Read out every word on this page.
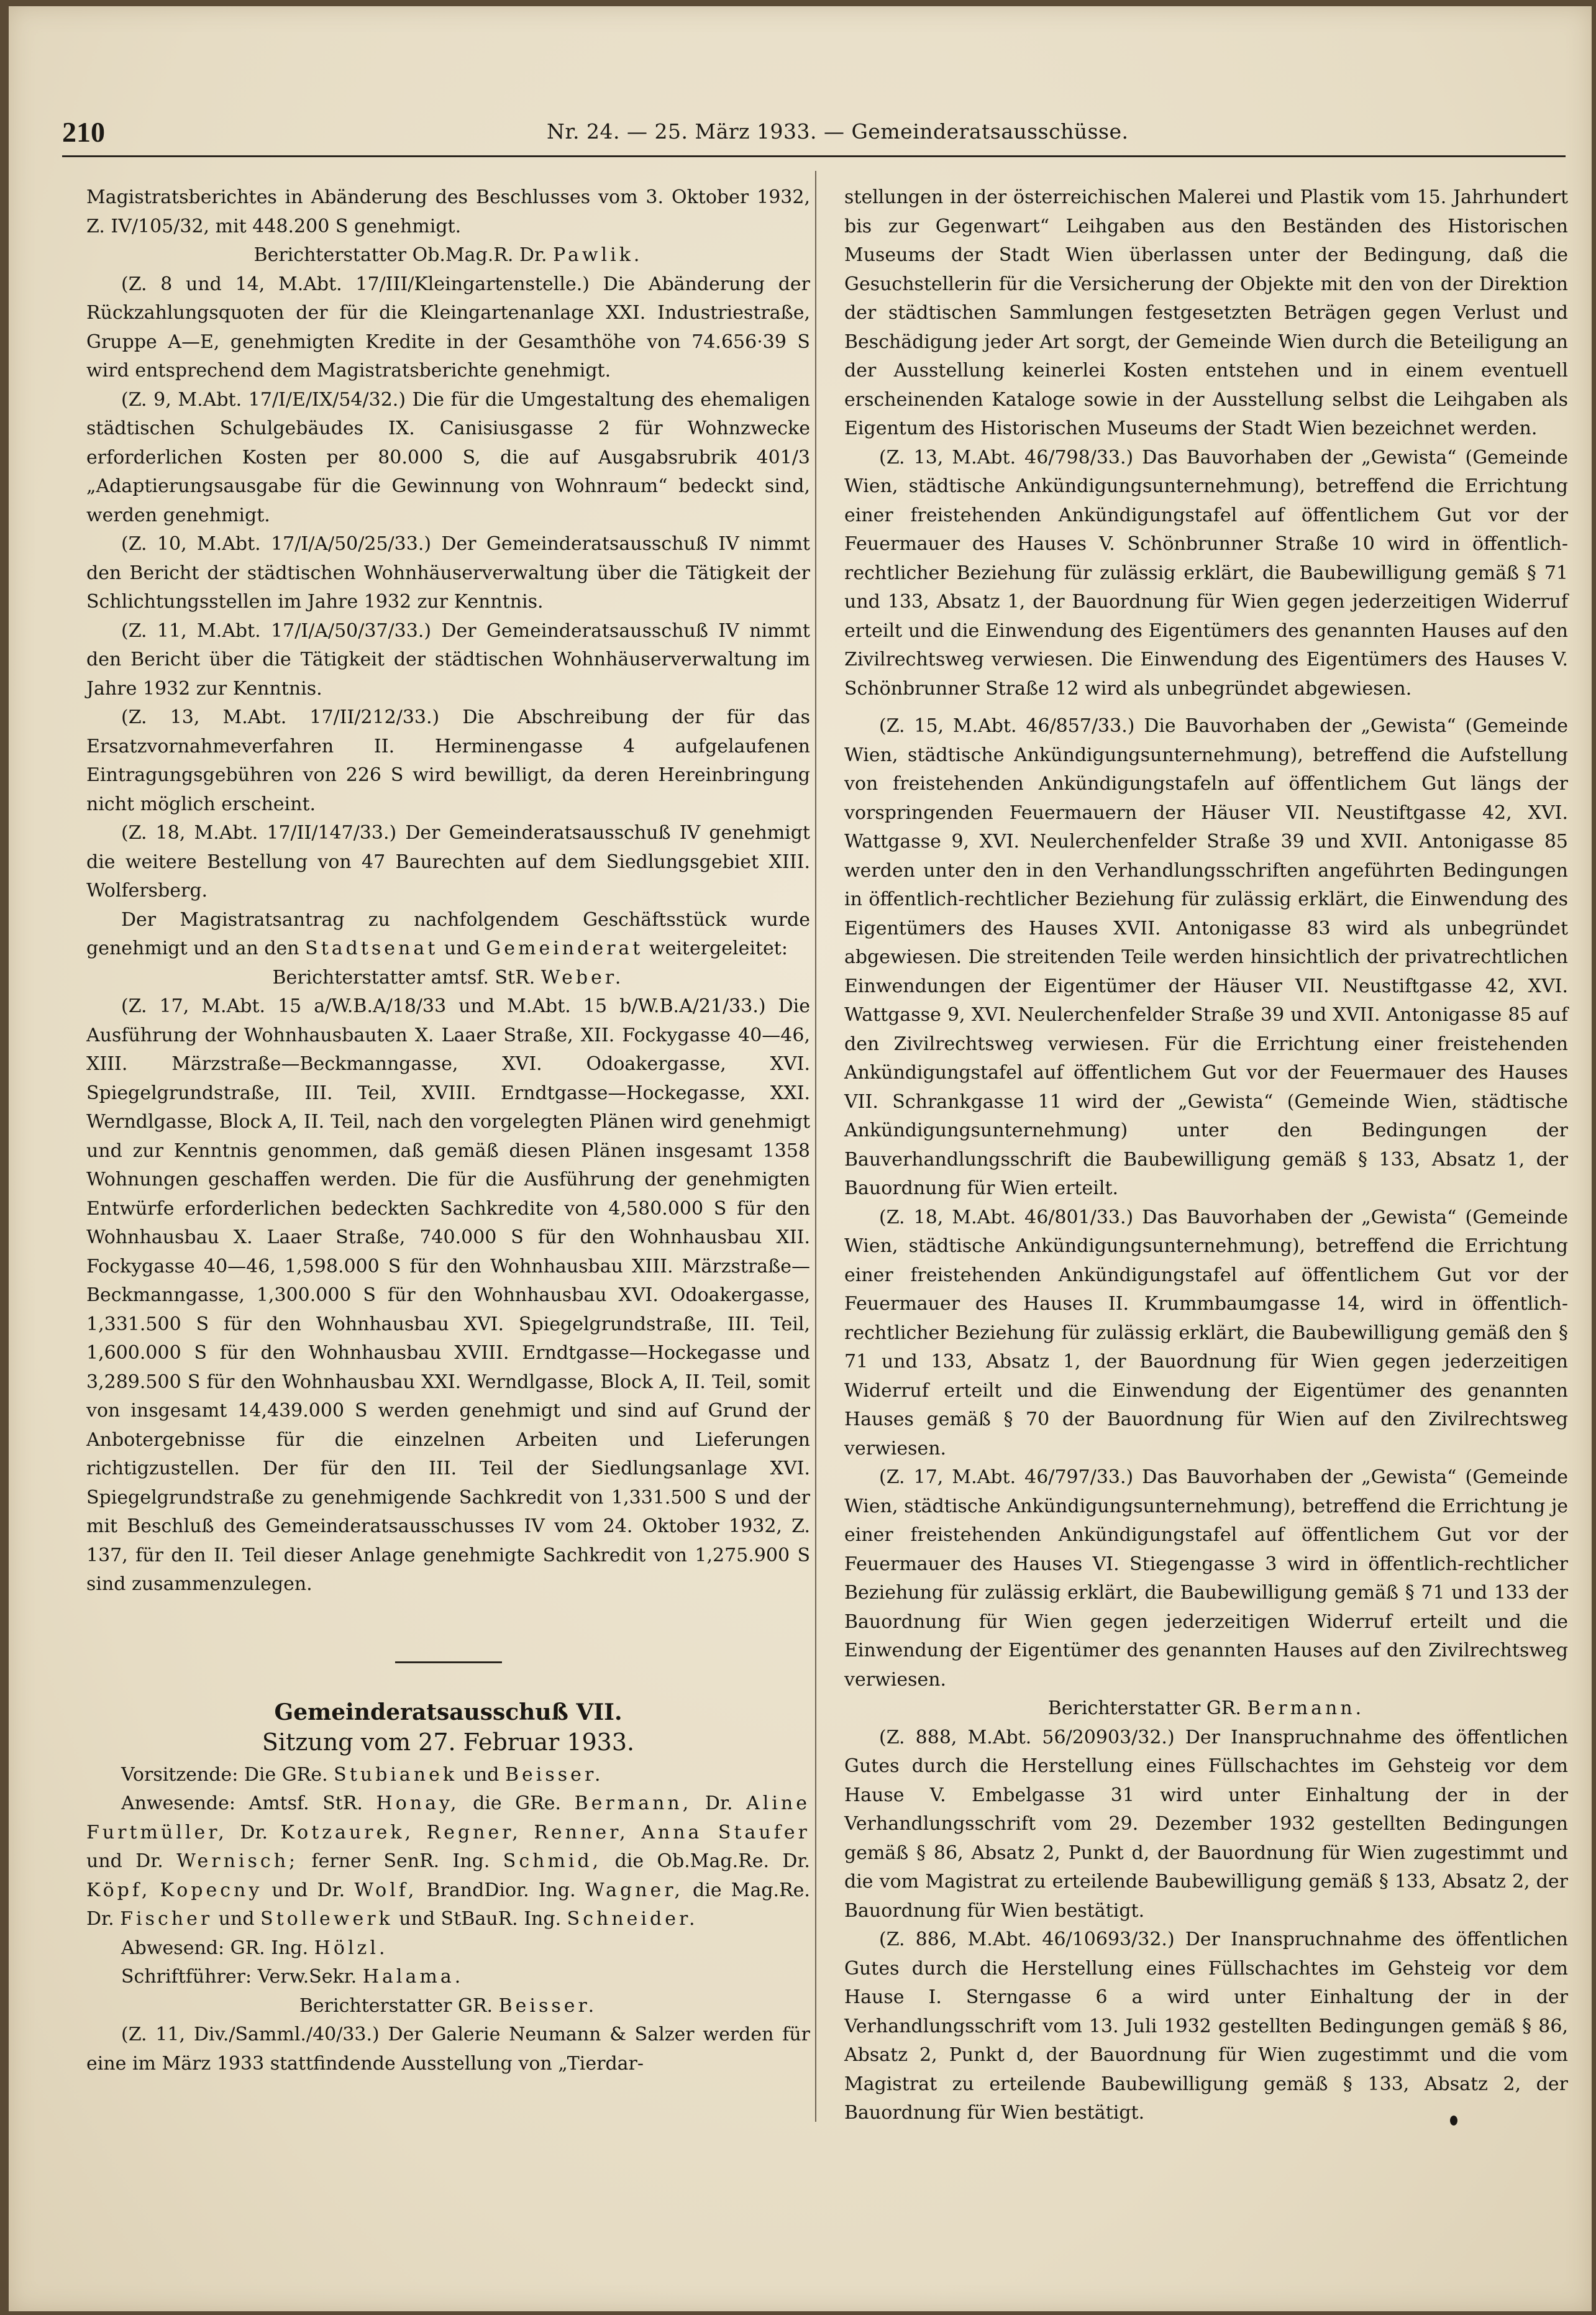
210	Nr. 24. — 25. März 1933. — Gemeinderatsausschüsse.

Magistratsberichtes in Abänderung des Beschlusses vom 3. Oktober 1932, Z. IV/105/32, mit 448.200 S genehmigt.

Berichterstatter Ob.Mag.R. Dr. Pawlik.

(Z. 8 und 14, M.Abt. 17/III/Kleingartenstelle.) Die Abänderung der Rückzahlungsquoten der für die Kleingartenanlage XXI. Industriestraße, Gruppe A—E, genehmigten Kredite in der Gesamthöhe von 74.656·39 S wird entsprechend dem Magistratsberichte genehmigt.

(Z. 9, M.Abt. 17/I/E/IX/54/32.) Die für die Umgestaltung des ehemaligen städtischen Schulgebäudes IX. Canisiusgasse 2 für Wohnzwecke erforderlichen Kosten per 80.000 S, die auf Ausgabsrubrik 401/3 „Adaptierungsausgabe für die Gewinnung von Wohnraum“ bedeckt sind, werden genehmigt.

(Z. 10, M.Abt. 17/I/A/50/25/33.) Der Gemeinderatsausschuß IV nimmt den Bericht der städtischen Wohnhäuserverwaltung über die Tätigkeit der Schlichtungsstellen im Jahre 1932 zur Kenntnis.

(Z. 11, M.Abt. 17/I/A/50/37/33.) Der Gemeinderatsausschuß IV nimmt den Bericht über die Tätigkeit der städtischen Wohnhäuserverwaltung im Jahre 1932 zur Kenntnis.

(Z. 13, M.Abt. 17/II/212/33.) Die Abschreibung der für das Ersatzvornahmeverfahren II. Herminengasse 4 aufgelaufenen Eintragungsgebühren von 226 S wird bewilligt, da deren Hereinbringung nicht möglich erscheint.

(Z. 18, M.Abt. 17/II/147/33.) Der Gemeinderatsausschuß IV genehmigt die weitere Bestellung von 47 Baurechten auf dem Siedlungsgebiet XIII. Wolfersberg.

Der Magistratsantrag zu nachfolgendem Geschäftsstück wurde genehmigt und an den Stadtsenat und Gemeinderat weitergeleitet:

Berichterstatter amtsf. StR. Weber.

(Z. 17, M.Abt. 15 a/W.B.A/18/33 und M.Abt. 15 b/W.B.A/21/33.) Die Ausführung der Wohnhausbauten X. Laaer Straße, XII. Fockygasse 40—46, XIII. Märzstraße—Beckmanngasse, XVI. Odoakergasse, XVI. Spiegelgrundstraße, III. Teil, XVIII. Erndtgasse—Hockegasse, XXI. Werndlgasse, Block A, II. Teil, nach den vorgelegten Plänen wird genehmigt und zur Kenntnis genommen, daß gemäß diesen Plänen insgesamt 1358 Wohnungen geschaffen werden. Die für die Ausführung der genehmigten Entwürfe erforderlichen bedeckten Sachkredite von 4,580.000 S für den Wohnhausbau X. Laaer Straße, 740.000 S für den Wohnhausbau XII. Fockygasse 40—46, 1,598.000 S für den Wohnhausbau XIII. Märzstraße—Beckmanngasse, 1,300.000 S für den Wohnhausbau XVI. Odoakergasse, 1,331.500 S für den Wohnhausbau XVI. Spiegelgrundstraße, III. Teil, 1,600.000 S für den Wohnhausbau XVIII. Erndtgasse—Hockegasse und 3,289.500 S für den Wohnhausbau XXI. Werndlgasse, Block A, II. Teil, somit von insgesamt 14,439.000 S werden genehmigt und sind auf Grund der Anbotergebnisse für die einzelnen Arbeiten und Lieferungen richtigzustellen. Der für den III. Teil der Siedlungsanlage XVI. Spiegelgrundstraße zu genehmigende Sachkredit von 1,331.500 S und der mit Beschluß des Gemeinderatsausschusses IV vom 24. Oktober 1932, Z. 137, für den II. Teil dieser Anlage genehmigte Sachkredit von 1,275.900 S sind zusammenzulegen.

Gemeinderatsausschuß VII.

Sitzung vom 27. Februar 1933.

Vorsitzende: Die GRe. Stubianek und Beisser.

Anwesende: Amtsf. StR. Honay, die GRe. Bermann, Dr. Aline Furtmüller, Dr. Kotzaurek, Regner, Renner, Anna Staufer und Dr. Wernisch; ferner SenR. Ing. Schmid, die Ob.Mag.Re. Dr. Köpf, Kopecny und Dr. Wolf, BrandDior. Ing. Wagner, die Mag.Re. Dr. Fischer und Stollewerk und StBauR. Ing. Schneider.

Abwesend: GR. Ing. Hölzl.

Schriftführer: Verw.Sekr. Halama.

Berichterstatter GR. Beisser.

(Z. 11, Div./Samml./40/33.) Der Galerie Neumann & Salzer werden für eine im März 1933 stattfindende Ausstellung von „Tierdar-

stellungen in der österreichischen Malerei und Plastik vom 15. Jahrhundert bis zur Gegenwart“ Leihgaben aus den Beständen des Historischen Museums der Stadt Wien überlassen unter der Bedingung, daß die Gesuchstellerin für die Versicherung der Objekte mit den von der Direktion der städtischen Sammlungen festgesetzten Beträgen gegen Verlust und Beschädigung jeder Art sorgt, der Gemeinde Wien durch die Beteiligung an der Ausstellung keinerlei Kosten entstehen und in einem eventuell erscheinenden Kataloge sowie in der Ausstellung selbst die Leihgaben als Eigentum des Historischen Museums der Stadt Wien bezeichnet werden.

(Z. 13, M.Abt. 46/798/33.) Das Bauvorhaben der „Gewista“ (Gemeinde Wien, städtische Ankündigungsunternehmung), betreffend die Errichtung einer freistehenden Ankündigungstafel auf öffentlichem Gut vor der Feuermauer des Hauses V. Schönbrunner Straße 10 wird in öffentlich-rechtlicher Beziehung für zulässig erklärt, die Baubewilligung gemäß § 71 und 133, Absatz 1, der Bauordnung für Wien gegen jederzeitigen Widerruf erteilt und die Einwendung des Eigentümers des genannten Hauses auf den Zivilrechtsweg verwiesen. Die Einwendung des Eigentümers des Hauses V. Schönbrunner Straße 12 wird als unbegründet abgewiesen.

(Z. 15, M.Abt. 46/857/33.) Die Bauvorhaben der „Gewista“ (Gemeinde Wien, städtische Ankündigungsunternehmung), betreffend die Aufstellung von freistehenden Ankündigungstafeln auf öffentlichem Gut längs der vorspringenden Feuermauern der Häuser VII. Neustiftgasse 42, XVI. Wattgasse 9, XVI. Neulerchenfelder Straße 39 und XVII. Antonigasse 85 werden unter den in den Verhandlungsschriften angeführten Bedingungen in öffentlich-rechtlicher Beziehung für zulässig erklärt, die Einwendung des Eigentümers des Hauses XVII. Antonigasse 83 wird als unbegründet abgewiesen. Die streitenden Teile werden hinsichtlich der privatrechtlichen Einwendungen der Eigentümer der Häuser VII. Neustiftgasse 42, XVI. Wattgasse 9, XVI. Neulerchenfelder Straße 39 und XVII. Antonigasse 85 auf den Zivilrechtsweg verwiesen. Für die Errichtung einer freistehenden Ankündigungstafel auf öffentlichem Gut vor der Feuermauer des Hauses VII. Schrankgasse 11 wird der „Gewista“ (Gemeinde Wien, städtische Ankündigungsunternehmung) unter den Bedingungen der Bauverhandlungsschrift die Baubewilligung gemäß § 133, Absatz 1, der Bauordnung für Wien erteilt.

(Z. 18, M.Abt. 46/801/33.) Das Bauvorhaben der „Gewista“ (Gemeinde Wien, städtische Ankündigungsunternehmung), betreffend die Errichtung einer freistehenden Ankündigungstafel auf öffentlichem Gut vor der Feuermauer des Hauses II. Krummbaumgasse 14, wird in öffentlich-rechtlicher Beziehung für zulässig erklärt, die Baubewilligung gemäß den § 71 und 133, Absatz 1, der Bauordnung für Wien gegen jederzeitigen Widerruf erteilt und die Einwendung der Eigentümer des genannten Hauses gemäß § 70 der Bauordnung für Wien auf den Zivilrechtsweg verwiesen.

(Z. 17, M.Abt. 46/797/33.) Das Bauvorhaben der „Gewista“ (Gemeinde Wien, städtische Ankündigungsunternehmung), betreffend die Errichtung je einer freistehenden Ankündigungstafel auf öffentlichem Gut vor der Feuermauer des Hauses VI. Stiegengasse 3 wird in öffentlich-rechtlicher Beziehung für zulässig erklärt, die Baubewilligung gemäß § 71 und 133 der Bauordnung für Wien gegen jederzeitigen Widerruf erteilt und die Einwendung der Eigentümer des genannten Hauses auf den Zivilrechtsweg verwiesen.

Berichterstatter GR. Bermann.

(Z. 888, M.Abt. 56/20903/32.) Der Inanspruchnahme des öffentlichen Gutes durch die Herstellung eines Füllschachtes im Gehsteig vor dem Hause V. Embelgasse 31 wird unter Einhaltung der in der Verhandlungsschrift vom 29. Dezember 1932 gestellten Bedingungen gemäß § 86, Absatz 2, Punkt d, der Bauordnung für Wien zugestimmt und die vom Magistrat zu erteilende Baubewilligung gemäß § 133, Absatz 2, der Bauordnung für Wien bestätigt.

(Z. 886, M.Abt. 46/10693/32.) Der Inanspruchnahme des öffentlichen Gutes durch die Herstellung eines Füllschachtes im Gehsteig vor dem Hause I. Sterngasse 6 a wird unter Einhaltung der in der Verhandlungsschrift vom 13. Juli 1932 gestellten Bedingungen gemäß § 86, Absatz 2, Punkt d, der Bauordnung für Wien zugestimmt und die vom Magistrat zu erteilende Baubewilligung gemäß § 133, Absatz 2, der Bauordnung für Wien bestätigt.
